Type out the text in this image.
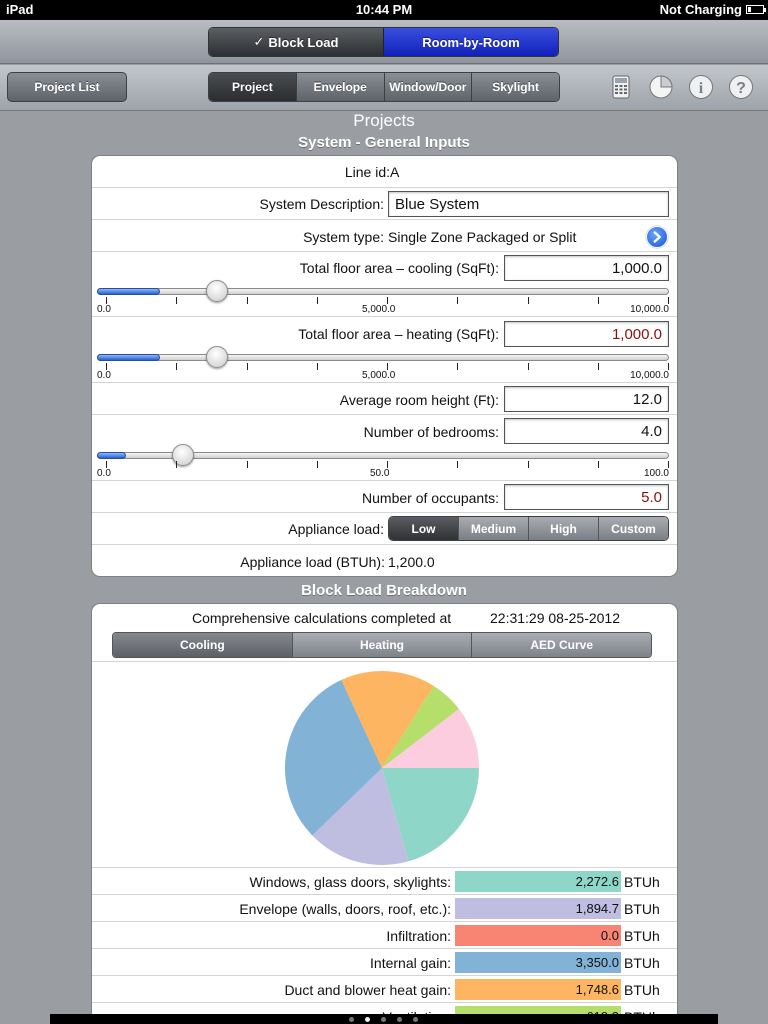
iPad	10:44 PM	Not Charging
✓ Block Load	Room-by-Room
Project List	Project	Envelope	Window/Door	Skylight	i ?
Projects
System - General Inputs
Line id: A
System Description: Blue System
System type: Single Zone Packaged or Split
Total floor area – cooling (SqFt):	1,000.0
0.0	5,000.0	10,000.0
Total floor area – heating (SqFt):	1,000.0
0.0	5,000.0	10,000.0
Average room height (Ft):	12.0
Number of bedrooms:	4.0
0.0	50.0	100.0
Number of occupants:	5.0
Appliance load:	Low	Medium	High	Custom
Appliance load (BTUh): 1,200.0
Block Load Breakdown
Comprehensive calculations completed at	22:31:29 08-25-2012
Cooling	Heating	AED Curve
Windows, glass doors, skylights:	2,272.6 BTUh
Envelope (walls, doors, roof, etc.):	1,894.7 BTUh
Infiltration:	0.0 BTUh
Internal gain:	3,350.0 BTUh
Duct and blower heat gain:	1,748.6 BTUh
